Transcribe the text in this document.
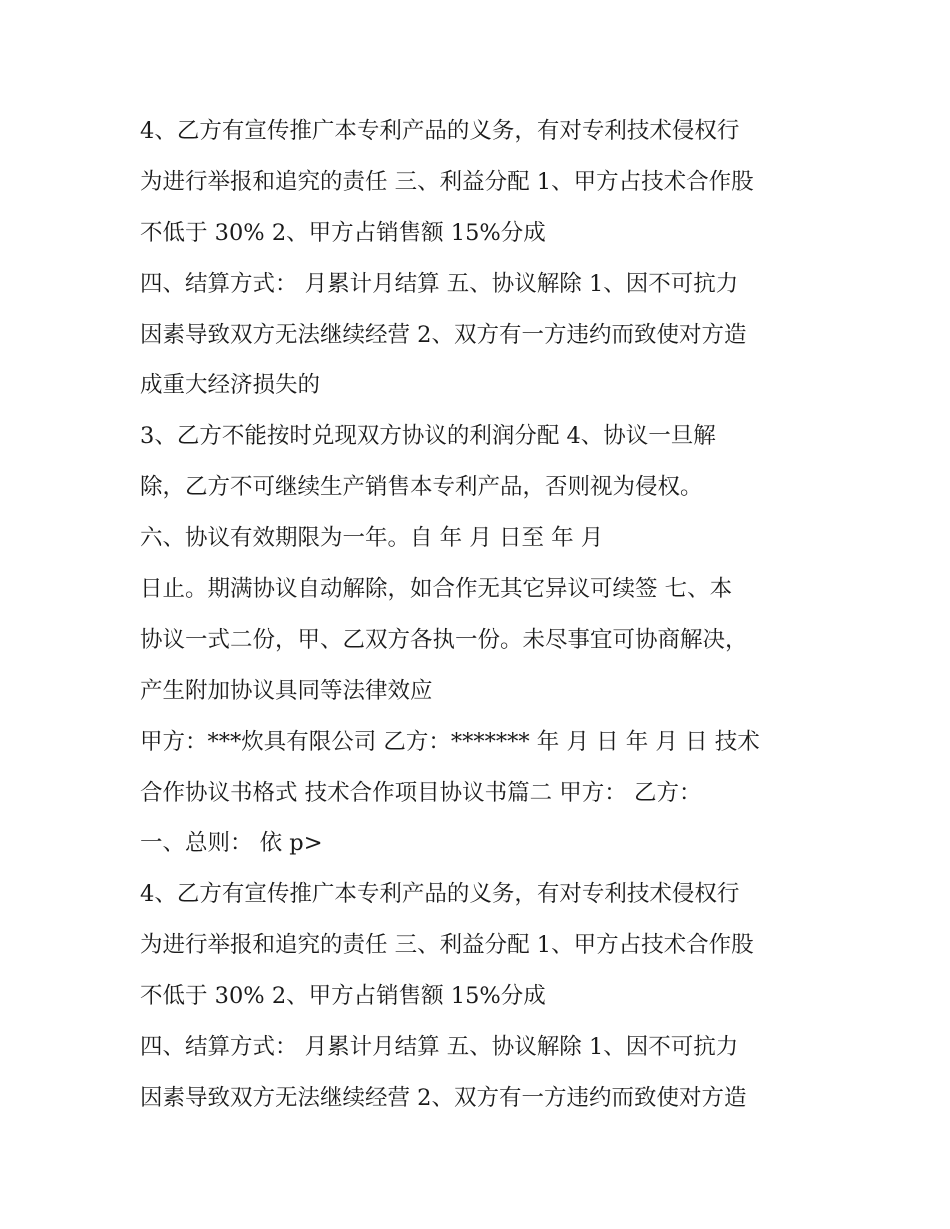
4、乙方有宣传推广本专利产品的义务，有对专利技术侵权行
为进行举报和追究的责任 三、利益分配 1、甲方占技术合作股
不低于 30% 2、甲方占销售额 15%分成
四、结算方式： 月累计月结算 五、协议解除 1、因不可抗力
因素导致双方无法继续经营 2、双方有一方违约而致使对方造
成重大经济损失的
3、乙方不能按时兑现双方协议的利润分配 4、协议一旦解
除，乙方不可继续生产销售本专利产品，否则视为侵权。
六、协议有效期限为一年。自 年 月 日至 年 月
日止。期满协议自动解除，如合作无其它异议可续签 七、本
协议一式二份，甲、乙双方各执一份。未尽事宜可协商解决，
产生附加协议具同等法律效应
甲方：***炊具有限公司 乙方：******* 年 月 日 年 月 日 技术
合作协议书格式 技术合作项目协议书篇二 甲方： 乙方：
一、总则： 依 p>
4、乙方有宣传推广本专利产品的义务，有对专利技术侵权行
为进行举报和追究的责任 三、利益分配 1、甲方占技术合作股
不低于 30% 2、甲方占销售额 15%分成
四、结算方式： 月累计月结算 五、协议解除 1、因不可抗力
因素导致双方无法继续经营 2、双方有一方违约而致使对方造
